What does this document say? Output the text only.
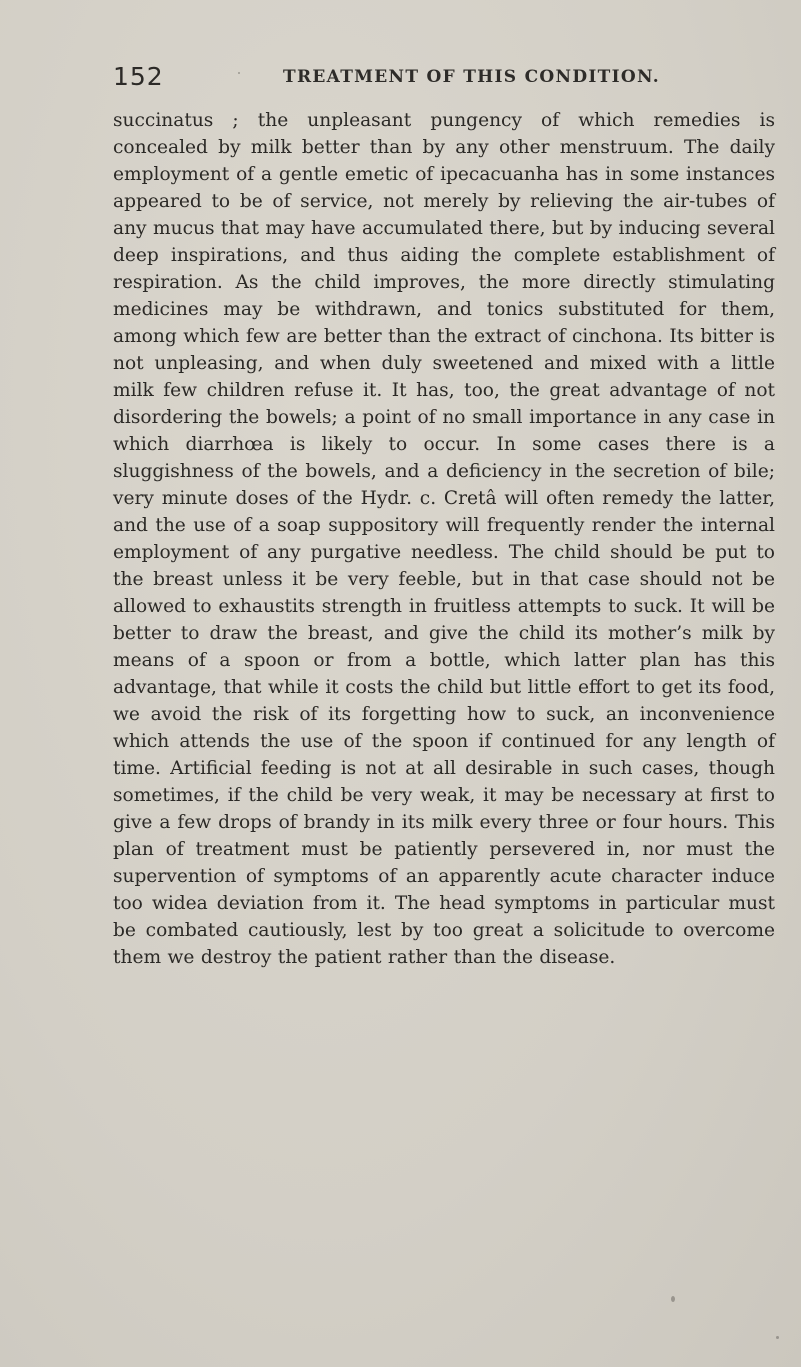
152	TREATMENT OF THIS CONDITION.

succinatus ; the unpleasant pungency of which remedies is concealed by milk better than by any other menstruum. The daily employment of a gentle emetic of ipecacuanha has in some instances appeared to be of service, not merely by relieving the air-tubes of any mucus that may have accumulated there, but by inducing several deep inspirations, and thus aiding the complete establishment of respiration. As the child improves, the more directly stimulating medicines may be withdrawn, and tonics substituted for them, among which few are better than the extract of cinchona. Its bitter is not unpleasing, and when duly sweetened and mixed with a little milk few children refuse it. It has, too, the great advantage of not disordering the bowels; a point of no small importance in any case in which diarrhœa is likely to occur. In some cases there is a sluggishness of the bowels, and a deficiency in the secretion of bile; very minute doses of the Hydr. c. Cretâ will often remedy the latter, and the use of a soap suppository will frequently render the internal employment of any purgative needless. The child should be put to the breast unless it be very feeble, but in that case should not be allowed to exhaustits strength in fruitless attempts to suck. It will be better to draw the breast, and give the child its mother’s milk by means of a spoon or from a bottle, which latter plan has this advantage, that while it costs the child but little effort to get its food, we avoid the risk of its forgetting how to suck, an inconvenience which attends the use of the spoon if continued for any length of time. Artificial feeding is not at all desirable in such cases, though sometimes, if the child be very weak, it may be necessary at first to give a few drops of brandy in its milk every three or four hours. This plan of treatment must be patiently persevered in, nor must the supervention of symptoms of an apparently acute character induce too widea deviation from it. The head symptoms in particular must be combated cautiously, lest by too great a solicitude to overcome them we destroy the patient rather than the disease.
